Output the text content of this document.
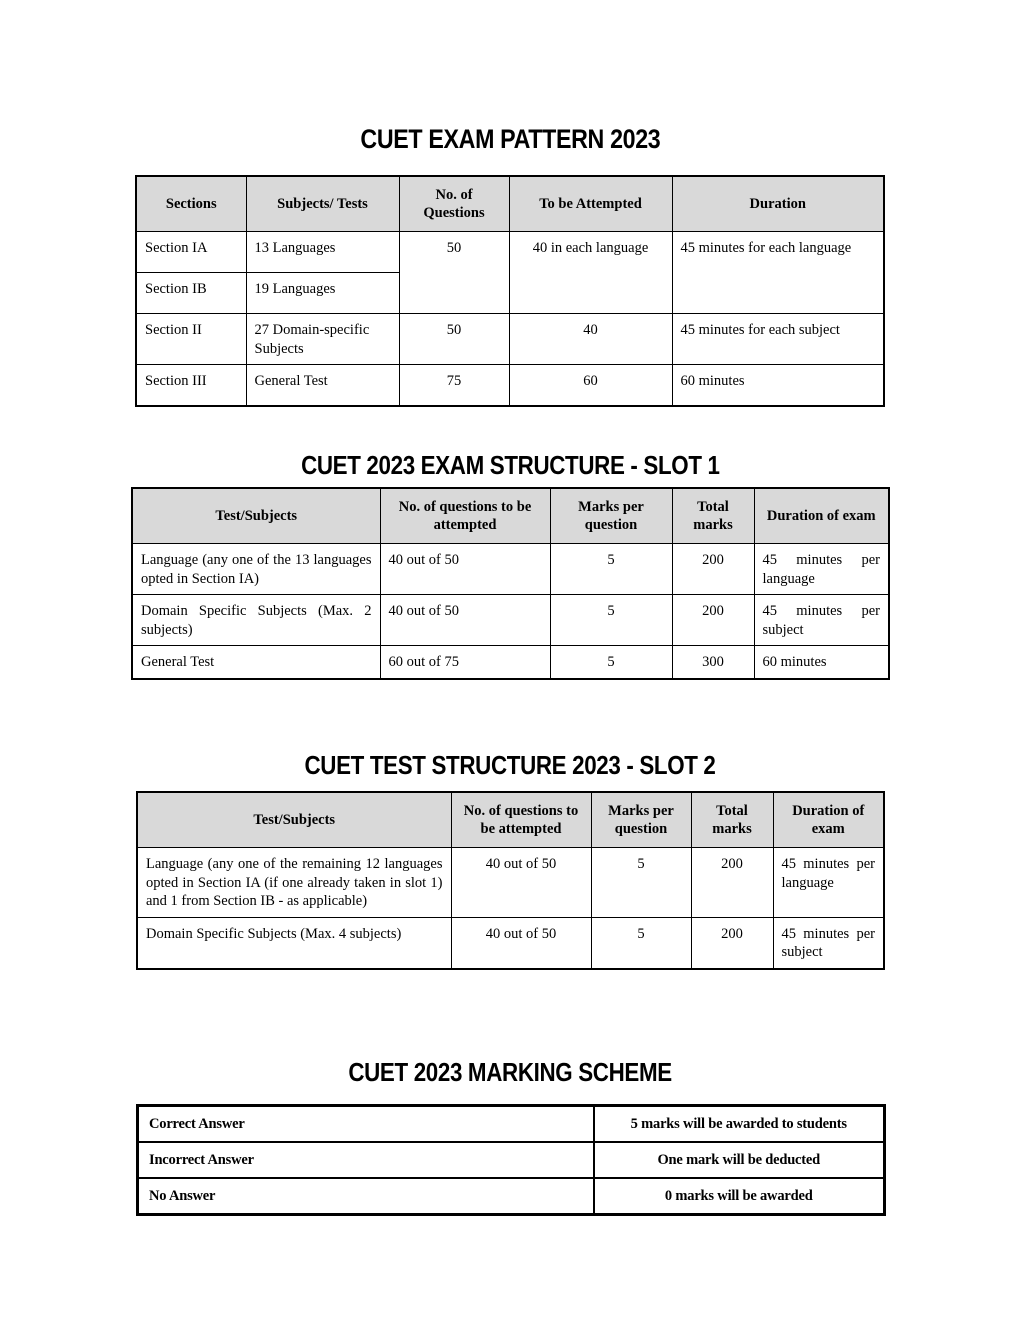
CUET EXAM PATTERN 2023
Sections	Subjects/ Tests	No. of Questions	To be Attempted	Duration
Section IA	13 Languages	50	40 in each language	45 minutes for each language
Section IB	19 Languages			
Section II	27 Domain-specific Subjects	50	40	45 minutes for each subject
Section III	General Test	75	60	60 minutes
CUET 2023 EXAM STRUCTURE - SLOT 1
Test/Subjects	No. of questions to be attempted	Marks per question	Total marks	Duration of exam
Language (any one of the 13 languages opted in Section IA)	40 out of 50	5	200	45 minutes per language
Domain Specific Subjects (Max. 2 subjects)	40 out of 50	5	200	45 minutes per subject
General Test	60 out of 75	5	300	60 minutes
CUET TEST STRUCTURE 2023 - SLOT 2
Test/Subjects	No. of questions to be attempted	Marks per question	Total marks	Duration of exam
Language (any one of the remaining 12 languages opted in Section IA (if one already taken in slot 1) and 1 from Section IB - as applicable)	40 out of 50	5	200	45 minutes per language
Domain Specific Subjects (Max. 4 subjects)	40 out of 50	5	200	45 minutes per subject
CUET 2023 MARKING SCHEME
Correct Answer	5 marks will be awarded to students
Incorrect Answer	One mark will be deducted
No Answer	0 marks will be awarded
